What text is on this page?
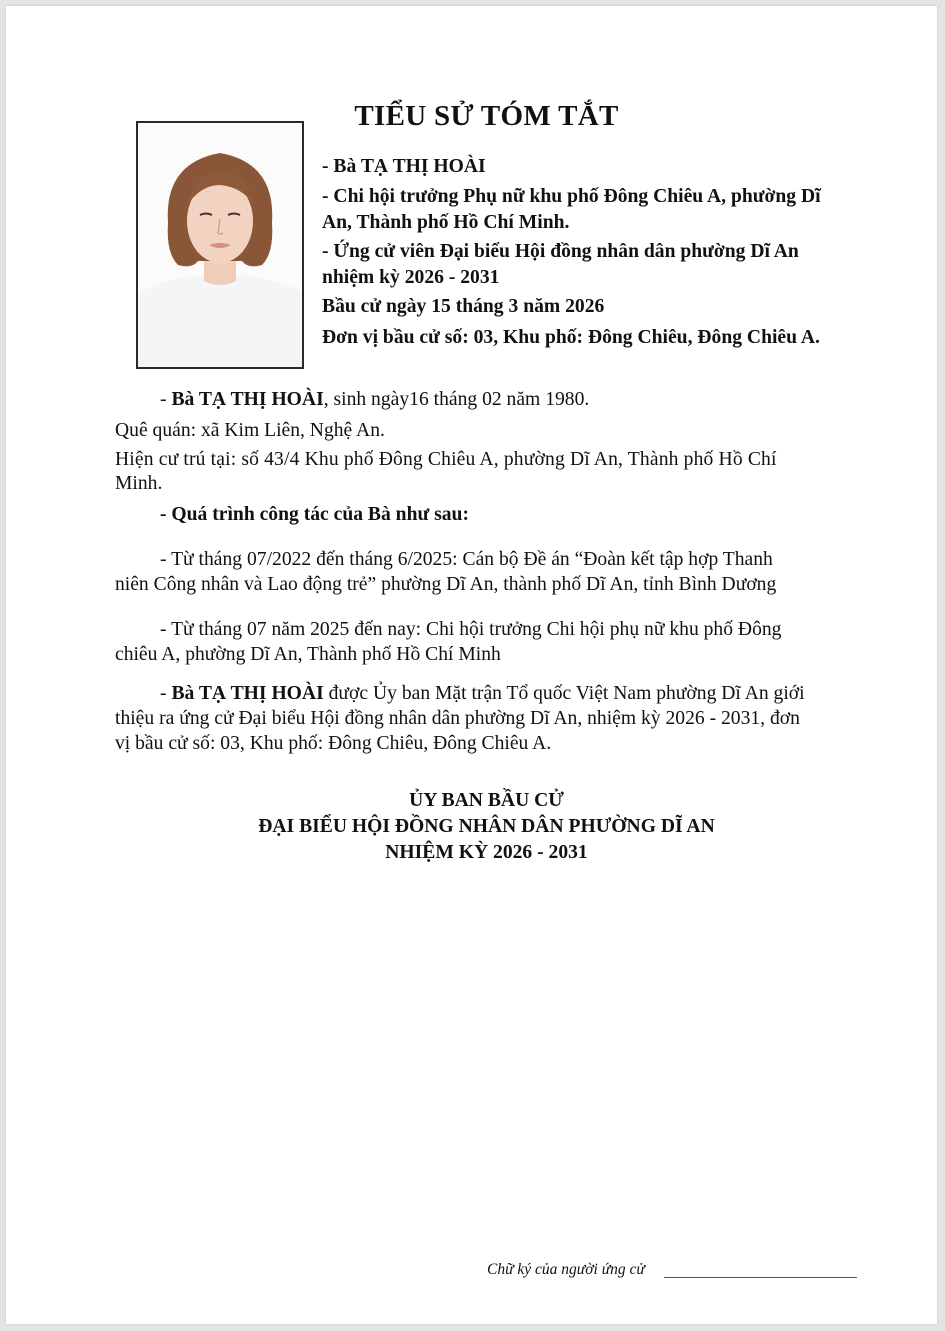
TIỂU SỬ TÓM TẮT
- Bà TẠ THỊ HOÀI
- Chi hội trưởng Phụ nữ khu phố Đông Chiêu A, phường Dĩ
An, Thành phố Hồ Chí Minh.
- Ứng cử viên Đại biểu Hội đồng nhân dân phường Dĩ An
nhiệm kỳ 2026 - 2031
Bầu cử ngày 15 tháng 3 năm 2026
Đơn vị bầu cử số: 03, Khu phố: Đông Chiêu, Đông Chiêu A.
- Bà TẠ THỊ HOÀI, sinh ngày16 tháng 02 năm 1980.
Quê quán: xã Kim Liên, Nghệ An.
Hiện cư trú tại: số 43/4 Khu phố Đông Chiêu A, phường Dĩ An, Thành phố Hồ Chí
Minh.
- Quá trình công tác của Bà như sau:
- Từ tháng 07/2022 đến tháng 6/2025: Cán bộ Đề án “Đoàn kết tập hợp Thanh
niên Công nhân và Lao động trẻ” phường Dĩ An, thành phố Dĩ An, tỉnh Bình Dương
- Từ tháng 07 năm 2025 đến nay: Chi hội trưởng Chi hội phụ nữ khu phố Đông
chiêu A, phường Dĩ An, Thành phố Hồ Chí Minh
- Bà TẠ THỊ HOÀI được Ủy ban Mặt trận Tổ quốc Việt Nam phường Dĩ An giới
thiệu ra ứng cử Đại biểu Hội đồng nhân dân phường Dĩ An, nhiệm kỳ 2026 - 2031, đơn
vị bầu cử số: 03, Khu phố: Đông Chiêu, Đông Chiêu A.
ỦY BAN BẦU CỬ
ĐẠI BIỂU HỘI ĐỒNG NHÂN DÂN PHƯỜNG DĨ AN
NHIỆM KỲ 2026 - 2031
Chữ ký của người ứng cử
